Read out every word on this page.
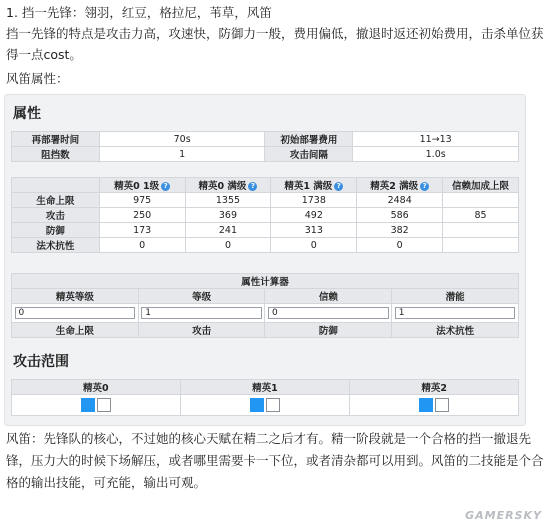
1. 挡一先锋：翎羽，红豆，格拉尼，苇草，风笛
挡一先锋的特点是攻击力高，攻速快，防御力一般，费用偏低，撤退时返还初始费用，击杀单位获得一点cost。
风笛属性：
属性
再部署时间	70s	初始部署费用	11→13
阻挡数	1	攻击间隔	1.0s
	精英0 1级 ?	精英0 满级 ?	精英1 满级 ?	精英2 满级 ?	信赖加成上限
生命上限	975	1355	1738	2484	
攻击	250	369	492	586	85
防御	173	241	313	382	
法术抗性	0	0	0	0	
属性计算器			
精英等级	等级	信赖	潜能

0	1	0	1

生命上限	攻击	防御	法术抗性
攻击范围
精英0	精英1	精英2

风笛：先锋队的核心，不过她的核心天赋在精二之后才有。精一阶段就是一个合格的挡一撤退先锋，压力大的时候下场解压，或者哪里需要卡一下位，或者清杂都可以用到。风笛的二技能是个合格的输出技能，可充能，输出可观。
GAMERSKY
